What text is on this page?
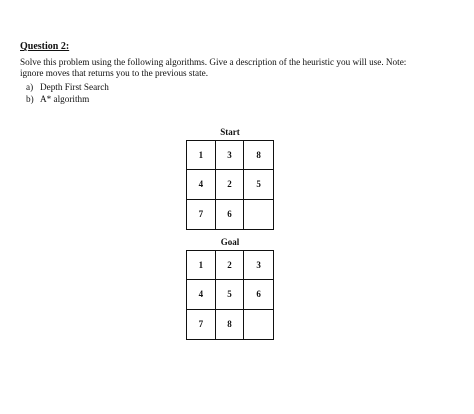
Question 2:
Solve this problem using the following algorithms. Give a description of the heuristic you will use. Note:
ignore moves that returns you to the previous state.
a) Depth First Search
b) A* algorithm
Start
1	3	8
4	2	5
7	6
Goal
1	2	3
4	5	6
7	8
